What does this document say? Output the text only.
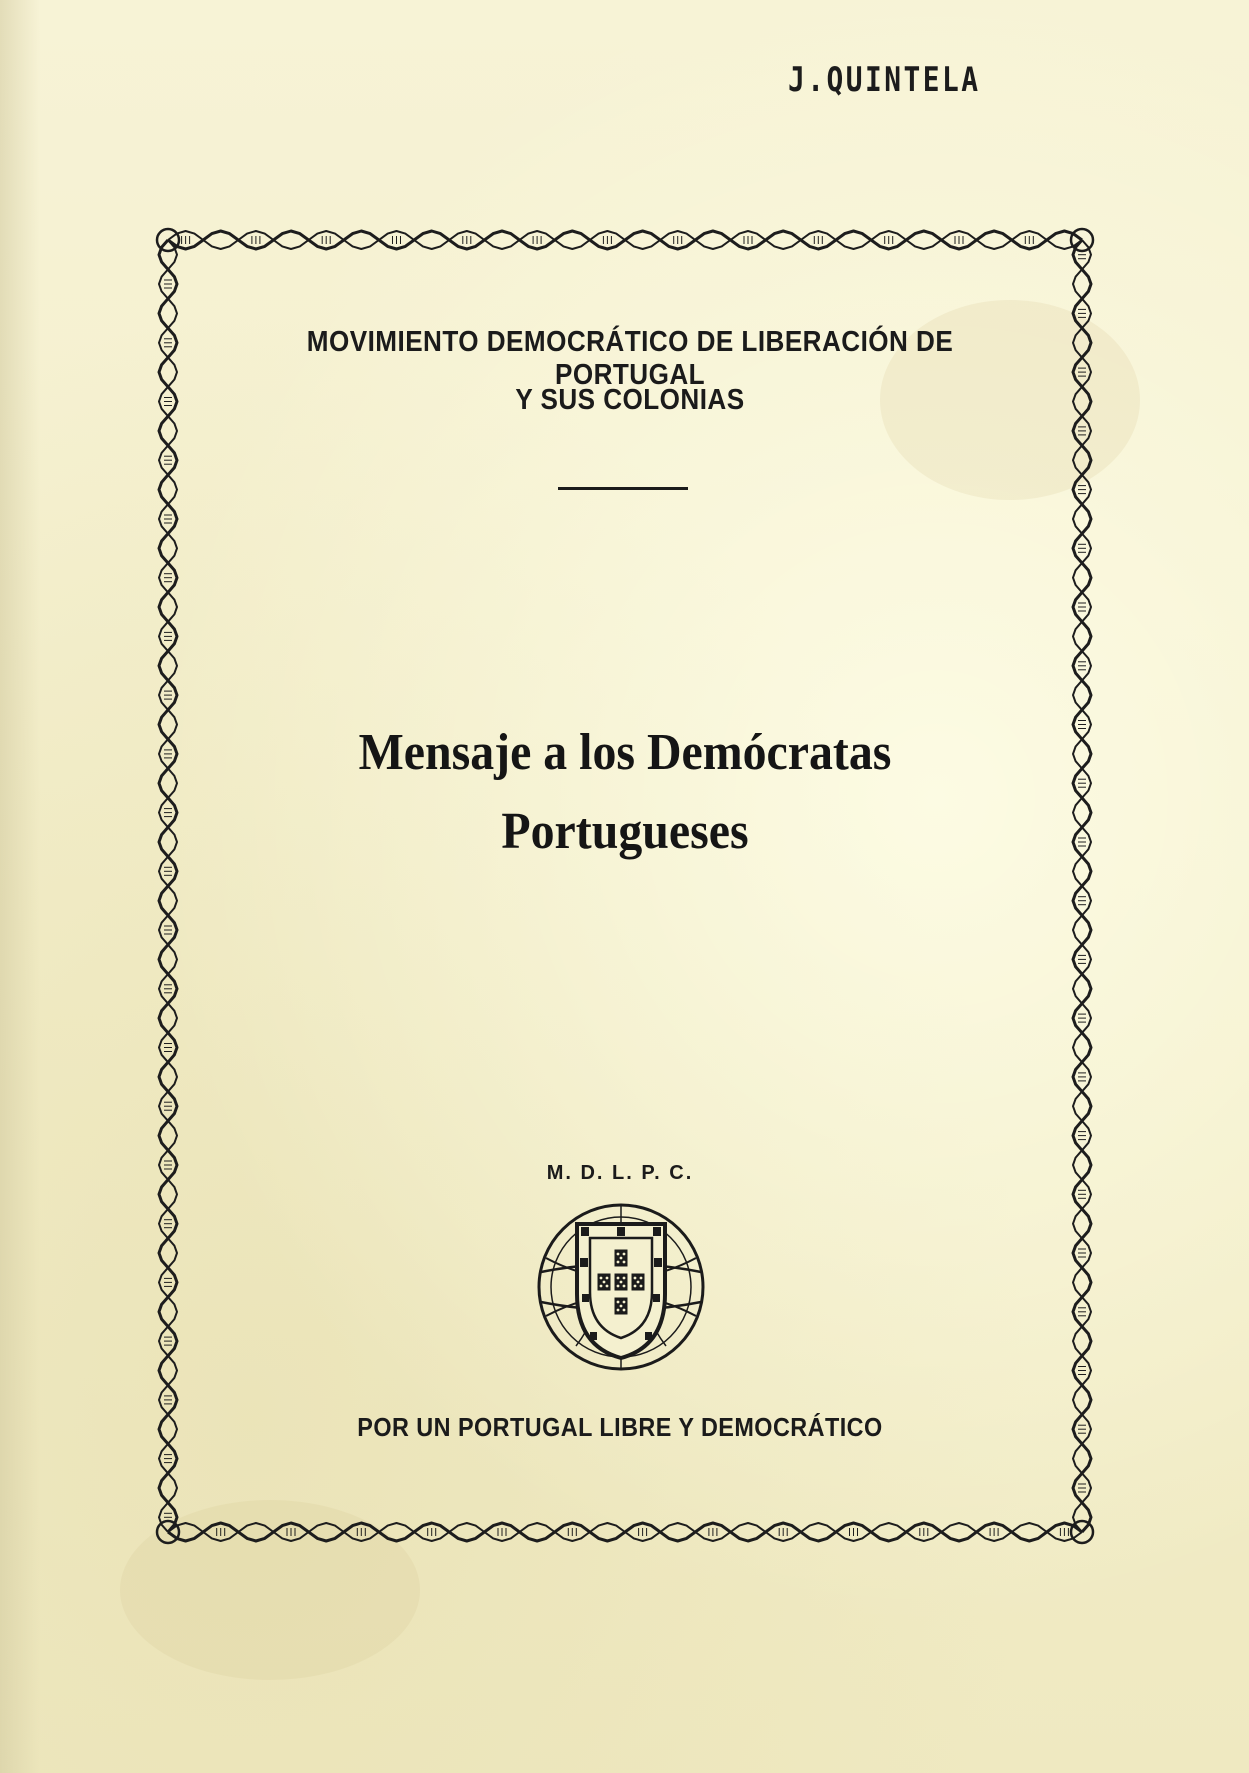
J.QUINTELA

MOVIMIENTO DEMOCRÁTICO DE LIBERACIÓN DE PORTUGAL
Y SUS COLONIAS
Mensaje a los Demócratas
Portugueses

M. D. L. P. C.

POR UN PORTUGAL LIBRE Y DEMOCRÁTICO
